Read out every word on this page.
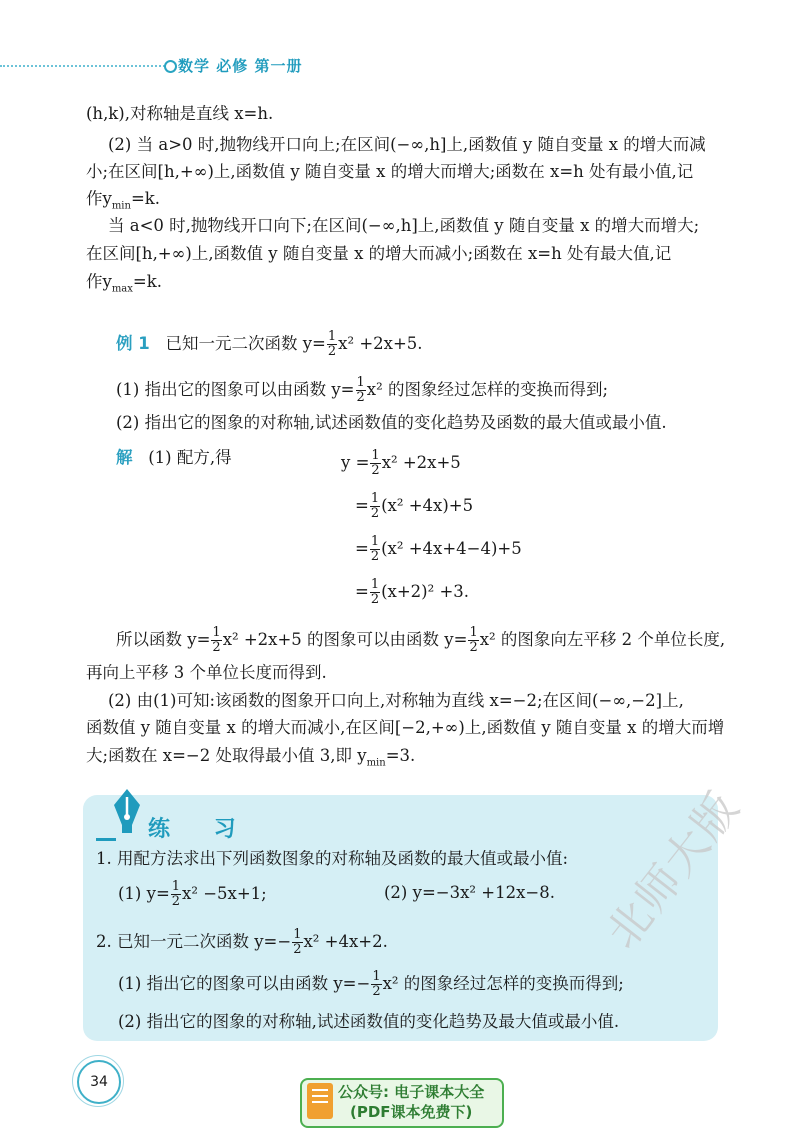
数学 必修 第一册
(h,k),对称轴是直线 x=h.
(2) 当 a>0 时,抛物线开口向上;在区间(−∞,h]上,函数值 y 随自变量 x 的增大而减
小;在区间[h,+∞)上,函数值 y 随自变量 x 的增大而增大;函数在 x=h 处有最小值,记
作$y_{min}=k$.
当 a<0 时,抛物线开口向下;在区间(−∞,h]上,函数值 y 随自变量 x 的增大而增大;
在区间[h,+∞)上,函数值 y 随自变量 x 的增大而减小;函数在 x=h 处有最大值,记
作$y_{max}=k$.
例 1 已知一元二次函数 $y= \frac{1}{2} x^2 +2x+5$.
(1) 指出它的图象可以由函数 $y= \frac{1}{2} x^2$ 的图象经过怎样的变换而得到;
(2) 指出它的图象的对称轴,试述函数值的变化趋势及函数的最大值或最小值.
解 (1) 配方,得	$y = \frac{1}{2} x^2 +2x+5$
= $\frac{1}{2} (x^2 +4x)+5$
= $\frac{1}{2} (x^2 +4x+4-4)+5$
= $\frac{1}{2} (x+2)^2 +3$.
所以函数 $y= \frac{1}{2} x^2 +2x+5$ 的图象可以由函数 $y= \frac{1}{2} x^2$ 的图象向左平移 2 个单位长度,
再向上平移 3 个单位长度而得到.
(2) 由(1)可知:该函数的图象开口向上,对称轴为直线 x=−2;在区间(−∞,−2]上,
函数值 y 随自变量 x 的增大而减小,在区间[−2,+∞)上,函数值 y 随自变量 x 的增大而增
大;函数在 x=−2 处取得最小值 3,即 $y_{min}=3$.
练 习
1. 用配方法求出下列函数图象的对称轴及函数的最大值或最小值:
(1) $y= \frac{1}{2} x^2 -5x+1$;	(2) y=−3x² +12x−8.
2. 已知一元二次函数 $y=- \frac{1}{2} x^2 +4x+2$.
(1) 指出它的图象可以由函数 $y=- \frac{1}{2} x^2$ 的图象经过怎样的变换而得到;
(2) 指出它的图象的对称轴,试述函数值的变化趋势及最大值或最小值.
34
北师大版
公众号: 电子课本大全
(PDF课本免费下)
